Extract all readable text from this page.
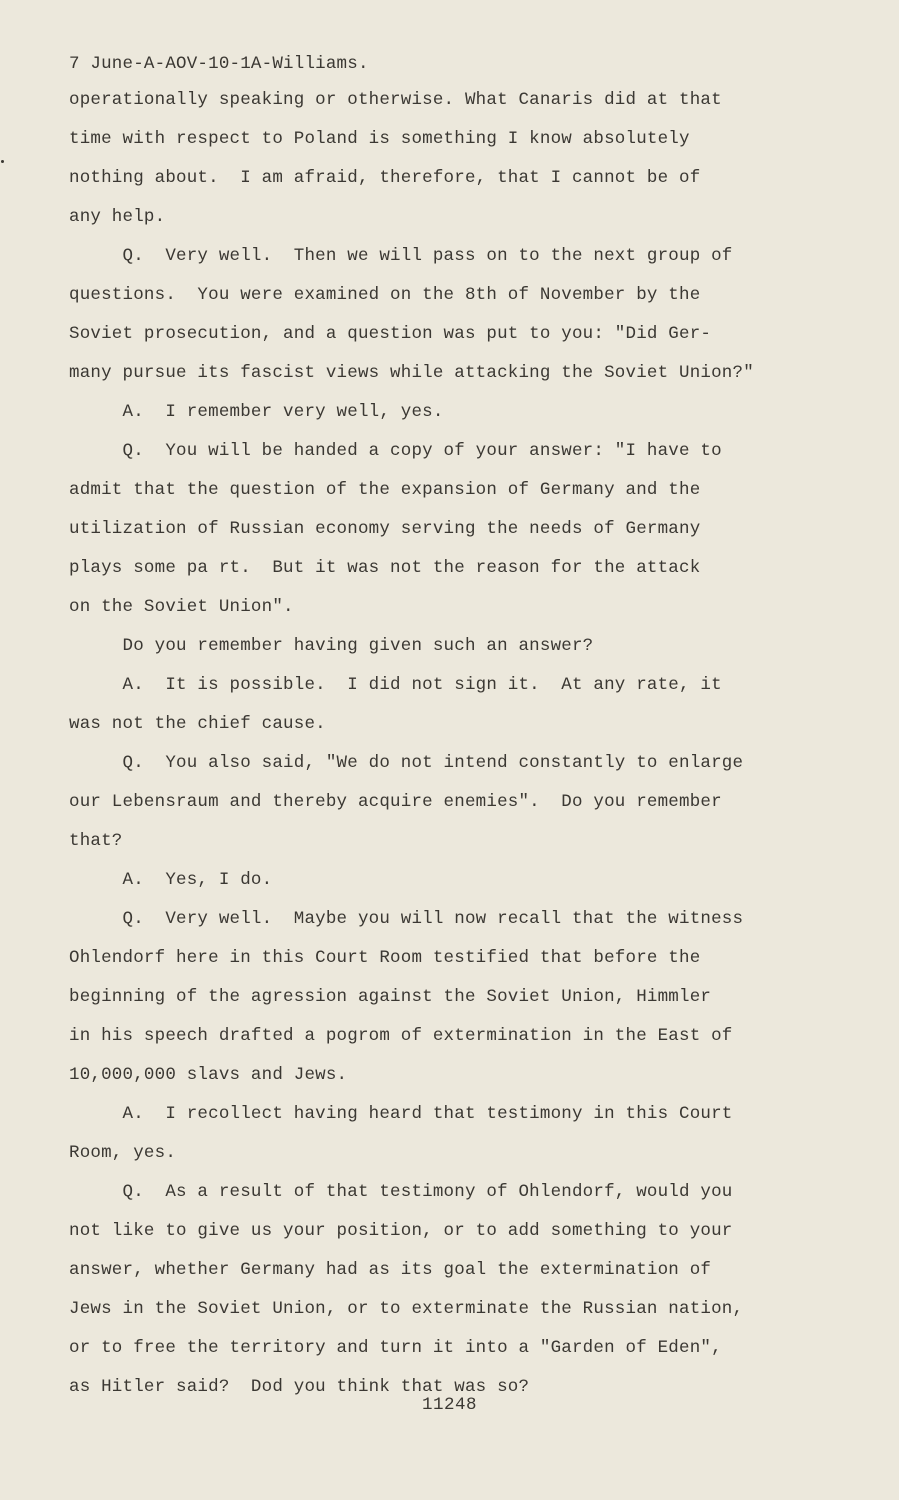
7 June-A-AOV-10-1A-Williams.
operationally speaking or otherwise. What Canaris did at that
time with respect to Poland is something I know absolutely
nothing about.  I am afraid, therefore, that I cannot be of
any help.
Q.  Very well.  Then we will pass on to the next group of
questions.  You were examined on the 8th of November by the
Soviet prosecution, and a question was put to you: "Did Ger-
many pursue its fascist views while attacking the Soviet Union?"
A.  I remember very well, yes.
Q.  You will be handed a copy of your answer: "I have to
admit that the question of the expansion of Germany and the
utilization of Russian economy serving the needs of Germany
plays some pa rt.  But it was not the reason for the attack
on the Soviet Union".
Do you remember having given such an answer?
A.  It is possible.  I did not sign it.  At any rate, it
was not the chief cause.
Q.  You also said, "We do not intend constantly to enlarge
our Lebensraum and thereby acquire enemies".  Do you remember
that?
A.  Yes, I do.
Q.  Very well.  Maybe you will now recall that the witness
Ohlendorf here in this Court Room testified that before the
beginning of the agression against the Soviet Union, Himmler
in his speech drafted a pogrom of extermination in the East of
10,000,000 slavs and Jews.
A.  I recollect having heard that testimony in this Court
Room, yes.
Q.  As a result of that testimony of Ohlendorf, would you
not like to give us your position, or to add something to your
answer, whether Germany had as its goal the extermination of
Jews in the Soviet Union, or to exterminate the Russian nation,
or to free the territory and turn it into a "Garden of Eden",
as Hitler said?  Dod you think that was so?
11248
